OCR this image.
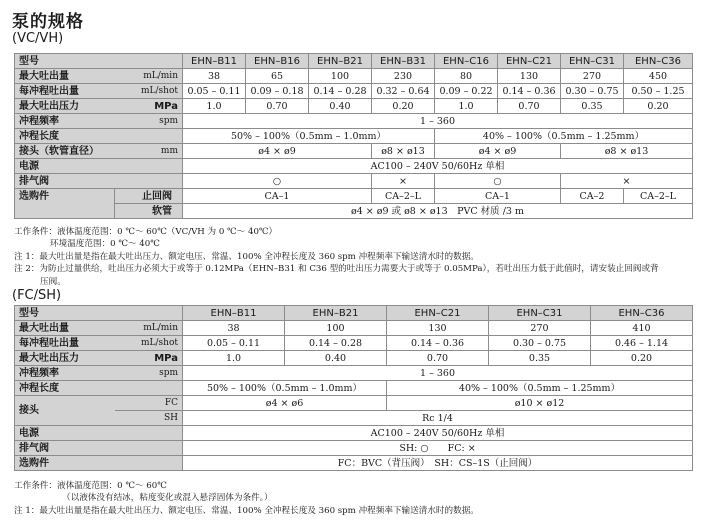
泵的规格
(VC/VH)
型号		EHN–B11	EHN–B16	EHN–B21	EHN–B31	EHN–C16	EHN–C21	EHN–C31	EHN–C36
最大吐出量	mL/min	38	65	100	230	80	130	270	450
每冲程吐出量	mL/shot	0.05 – 0.11	0.09 – 0.18	0.14 – 0.28	0.32 – 0.64	0.09 – 0.22	0.14 – 0.36	0.30 – 0.75	0.50 – 1.25
最大吐出压力	MPa	1.0	0.70	0.40	0.20	1.0	0.70	0.35	0.20
冲程频率	spm	1 – 360							
冲程长度		50% – 100%（0.5mm – 1.0mm）				40% – 100%（0.5mm – 1.25mm）			
接头（软管直径）	mm	ø4 × ø9			ø8 × ø13	ø4 × ø9		ø8 × ø13	
电源		AC100 – 240V 50/60Hz 单相							
排气阀		○			×	○		×	
选购件	止回阀	CA–1			CA–2–L	CA–1		CA–2	CA–2–L
	软管	ø4 × ø9 或 ø8 × ø13　PVC 材质 /3 m							
工作条件：液体温度范围：0 ℃～ 60℃（VC/VH 为 0 ℃～ 40℃）
环境温度范围：0 ℃～ 40℃
注 1：最大吐出量是指在最大吐出压力、额定电压、常温、100% 全冲程长度及 360 spm 冲程频率下输送清水时的数据。
注 2：为防止过量供给，吐出压力必须大于或等于 0.12MPa（EHN–B31 和 C36 型的吐出压力需要大于或等于 0.05MPa），若吐出压力低于此值时，请安装止回阀或背
压阀。
(FC/SH)
型号		EHN–B11	EHN–B21	EHN–C21	EHN–C31	EHN–C36
最大吐出量	mL/min	38	100	130	270	410
每冲程吐出量	mL/shot	0.05 – 0.11	0.14 – 0.28	0.14 – 0.36	0.30 – 0.75	0.46 – 1.14
最大吐出压力	MPa	1.0	0.40	0.70	0.35	0.20
冲程频率	spm	1 – 360				
冲程长度		50% – 100%（0.5mm – 1.0mm）		40% – 100%（0.5mm – 1.25mm）		
接头	FC	ø4 × ø6		ø10 × ø12		
	SH	Rc 1/4				
电源		AC100 – 240V 50/60Hz 单相				
排气阀		SH: ○　　FC: ×				
选购件		FC：BVC（背压阀）　SH：CS–1S（止回阀）				
工作条件：液体温度范围：0 ℃～ 60℃
（以液体没有结冰，粘度变化或混入悬浮固体为条件。）
注 1：最大吐出量是指在最大吐出压力、额定电压、常温、100% 全冲程长度及 360 spm 冲程频率下输送清水时的数据。
